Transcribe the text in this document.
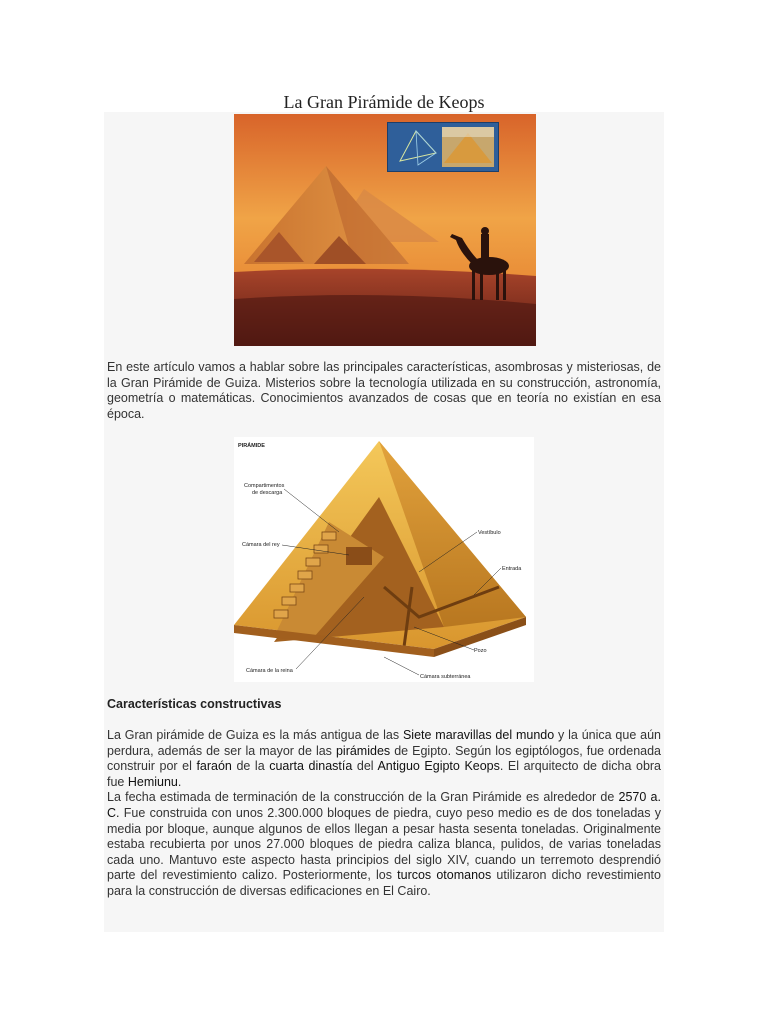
La Gran Pirámide de Keops
En este artículo vamos a hablar sobre las principales características, asombrosas y misteriosas, de la Gran Pirámide de Guiza. Misterios sobre la tecnología utilizada en su construcción, astronomía, geometría o matemáticas. Conocimientos avanzados de cosas que en teoría no existían en esa época.
PIRÁMIDE
Compartimentos
de descarga
Cámara del rey
Vestíbulo
Entrada
Pozo
Cámara de la reina
Cámara subterránea
Características constructivas
La Gran pirámide de Guiza es la más antigua de las Siete maravillas del mundo y la única que aún perdura, además de ser la mayor de las pirámides de Egipto. Según los egiptólogos, fue ordenada construir por el faraón de la cuarta dinastía del Antiguo Egipto Keops. El arquitecto de dicha obra fue Hemiunu.
La fecha estimada de terminación de la construcción de la Gran Pirámide es alrededor de 2570 a. C. Fue construida con unos 2.300.000 bloques de piedra, cuyo peso medio es de dos toneladas y media por bloque, aunque algunos de ellos llegan a pesar hasta sesenta toneladas. Originalmente estaba recubierta por unos 27.000 bloques de piedra caliza blanca, pulidos, de varias toneladas cada uno. Mantuvo este aspecto hasta principios del siglo XIV, cuando un terremoto desprendió parte del revestimiento calizo. Posteriormente, los turcos otomanos utilizaron dicho revestimiento para la construcción de diversas edificaciones en El Cairo.
